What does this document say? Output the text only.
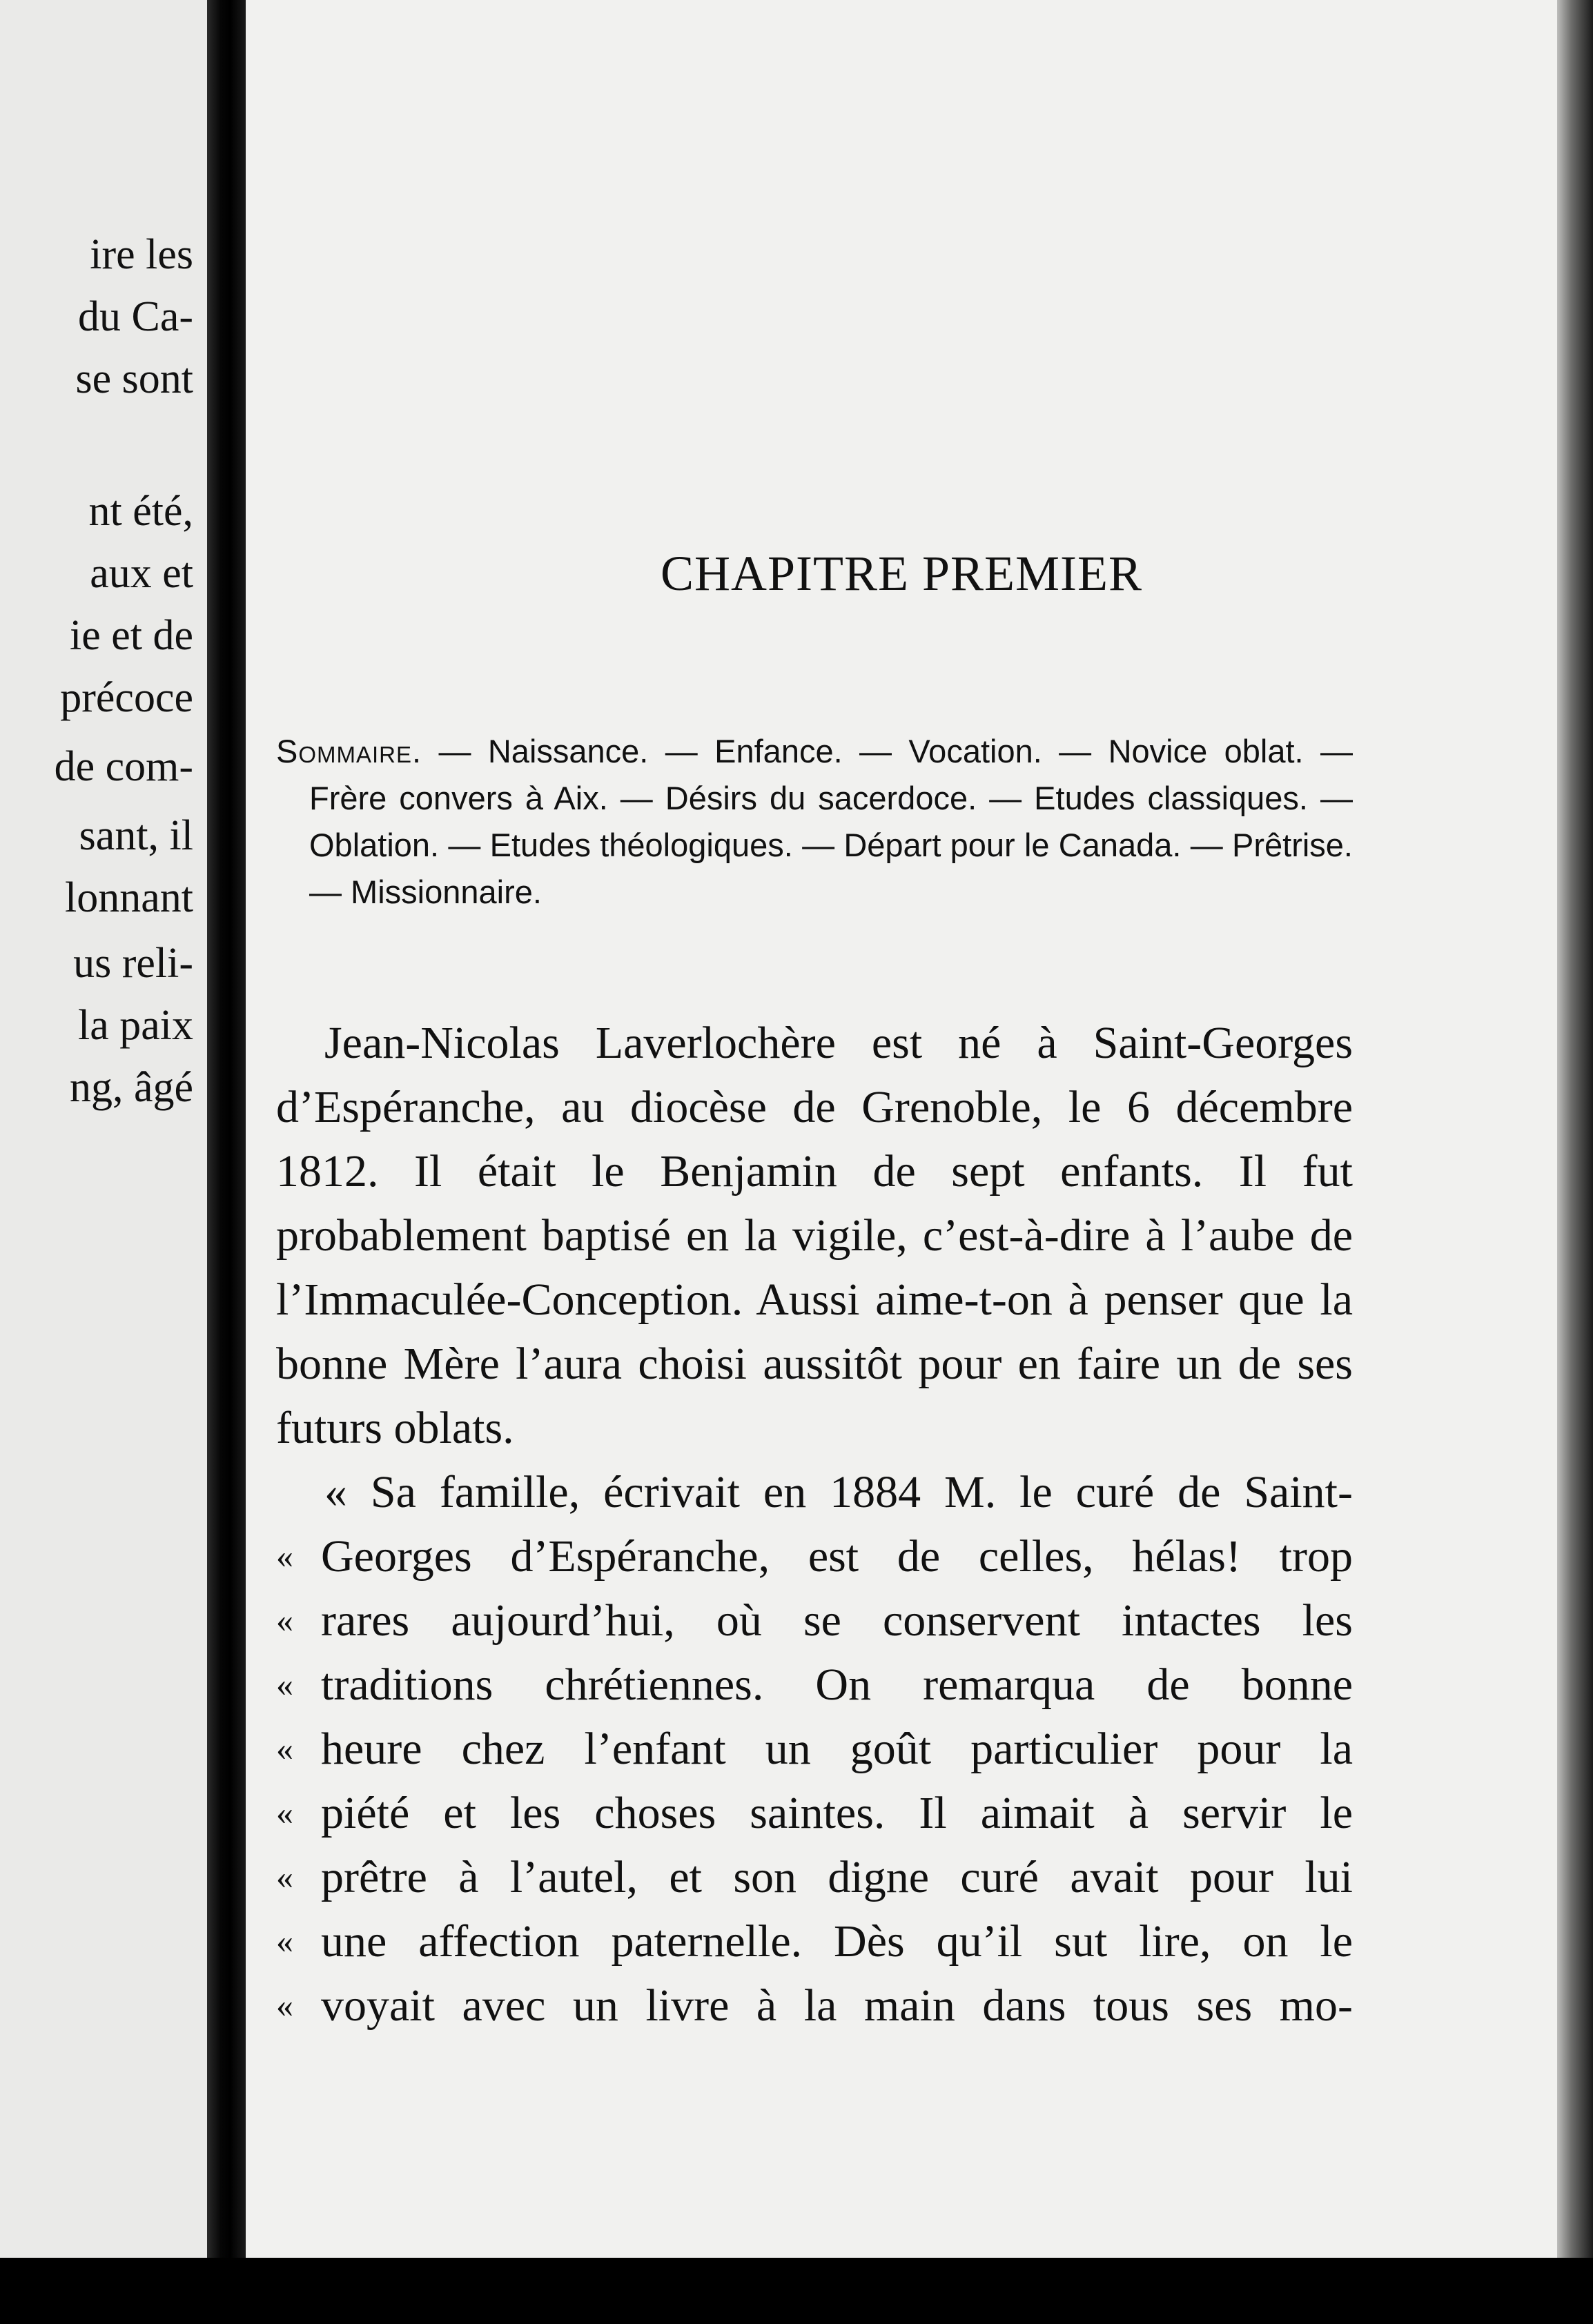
ire les
du Ca-
se sont
nt été,
aux et
ie et de
précoce
de com-
sant, il
lonnant
us reli-
la paix
ng, âgé
CHAPITRE PREMIER

Sommaire. — Naissance. — Enfance. — Vocation. — Novice oblat. — Frère convers à Aix. — Désirs du sacerdoce. — Etudes classiques. — Oblation. — Etudes théologiques. — Départ pour le Canada. — Prêtrise. — Missionnaire.

Jean-Nicolas Laverlochère est né à Saint-Georges d’Espéranche, au diocèse de Grenoble, le 6 décembre 1812. Il était le Benjamin de sept enfants. Il fut probablement baptisé en la vigile, c’est-à-dire à l’aube de l’Immaculée-Conception. Aussi aime-t-on à penser que la bonne Mère l’aura choisi aussitôt pour en faire un de ses futurs oblats.

« Sa famille, écrivait en 1884 M. le curé de Saint-
« Georges d’Espéranche, est de celles, hélas! trop
« rares aujourd’hui, où se conservent intactes les
« traditions chrétiennes. On remarqua de bonne
« heure chez l’enfant un goût particulier pour la
« piété et les choses saintes. Il aimait à servir le
« prêtre à l’autel, et son digne curé avait pour lui
« une affection paternelle. Dès qu’il sut lire, on le
« voyait avec un livre à la main dans tous ses mo-
